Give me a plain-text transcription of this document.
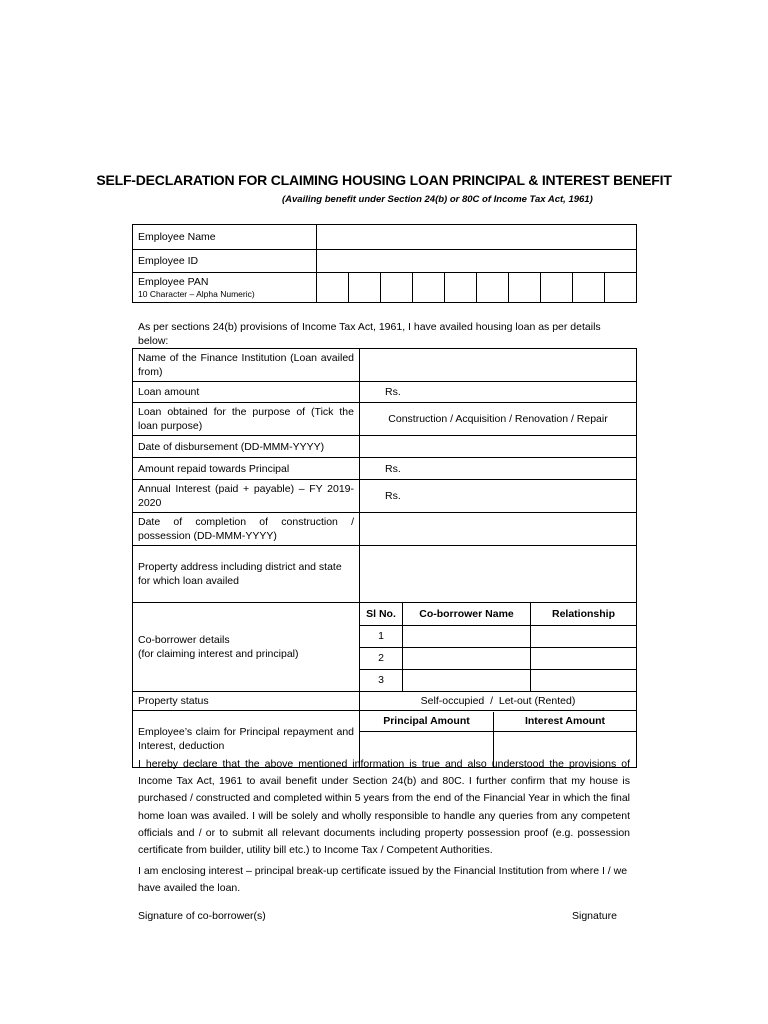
SELF-DECLARATION FOR CLAIMING HOUSING LOAN PRINCIPAL & INTEREST BENEFIT
(Availing benefit under Section 24(b) or 80C of Income Tax Act, 1961)
Employee Name										
Employee ID										

Employee PAN
10 Character – Alpha Numeric)										

As per sections 24(b) provisions of Income Tax Act, 1961, I have availed housing loan as per details below:
Name of the Finance Institution (Loan availed from)	
Loan amount	Rs.
Loan obtained for the purpose of (Tick the loan purpose)	Construction / Acquisition / Renovation / Repair
Date of disbursement (DD-MMM-YYYY)	
Amount repaid towards Principal	Rs.
Annual Interest (paid + payable) – FY 2019-2020	Rs.
Date of completion of construction / possession (DD-MMM-YYYY)	
Property address including district and state for which loan availed	

Co-borrower details
(for claiming interest and principal)

Sl No.	Co-borrower Name	Relationship
1		
2		
3		

Property status	Self-occupied  /  Let-out (Rented)
Employee’s claim for Principal repayment and Interest, deduction	
Principal Amount	Interest Amount

I hereby declare that the above mentioned information is true and also understood the provisions of Income Tax Act, 1961 to avail benefit under Section 24(b) and 80C. I further confirm that my house is purchased / constructed and completed within 5 years from the end of the Financial Year in which the final home loan was availed. I will be solely and wholly responsible to handle any queries from any competent officials and / or to submit all relevant documents including property possession proof (e.g. possession certificate from builder, utility bill etc.) to Income Tax / Competent Authorities.
I am enclosing interest – principal break-up certificate issued by the Financial Institution from where I / we have availed the loan.
Signature of co-borrower(s)	Signature
